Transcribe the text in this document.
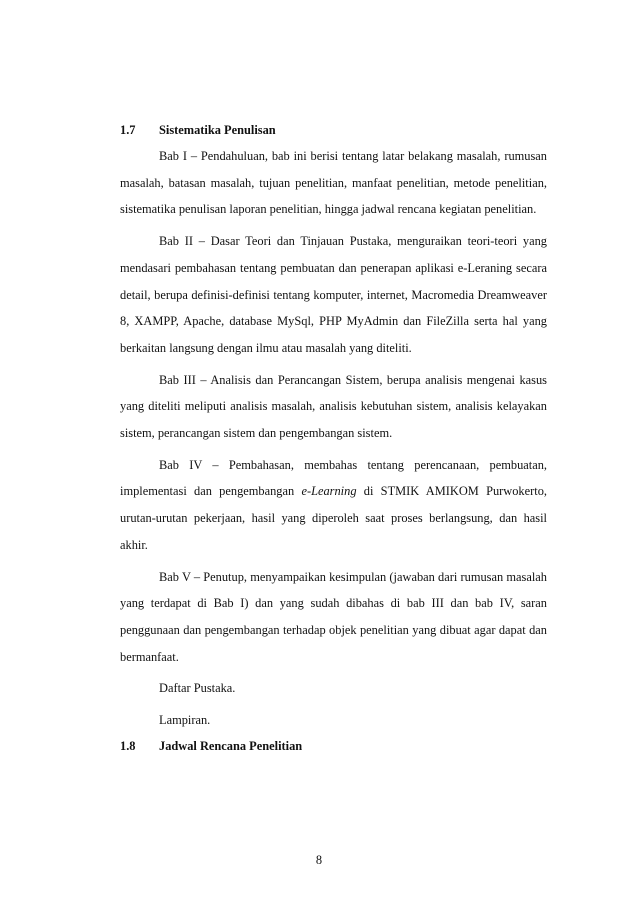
1.7	Sistematika Penulisan
Bab I – Pendahuluan, bab ini berisi tentang latar belakang masalah, rumusan masalah, batasan masalah, tujuan penelitian, manfaat penelitian, metode penelitian, sistematika penulisan laporan penelitian, hingga jadwal rencana kegiatan penelitian.
Bab II – Dasar Teori dan Tinjauan Pustaka, menguraikan teori-teori yang mendasari pembahasan tentang pembuatan dan penerapan aplikasi e-Leraning secara detail, berupa definisi-definisi tentang komputer, internet, Macromedia Dreamweaver 8, XAMPP, Apache, database MySql, PHP MyAdmin dan FileZilla serta hal yang berkaitan langsung dengan ilmu atau masalah yang diteliti.
Bab III – Analisis dan Perancangan Sistem, berupa analisis mengenai kasus yang diteliti meliputi analisis masalah, analisis kebutuhan sistem, analisis kelayakan sistem, perancangan sistem dan pengembangan sistem.
Bab IV – Pembahasan, membahas tentang perencanaan, pembuatan, implementasi dan pengembangan e-Learning di STMIK AMIKOM Purwokerto, urutan-urutan pekerjaan, hasil yang diperoleh saat proses berlangsung, dan hasil akhir.
Bab V – Penutup, menyampaikan kesimpulan (jawaban dari rumusan masalah yang terdapat di Bab I) dan yang sudah dibahas di bab III dan bab IV, saran penggunaan dan pengembangan terhadap objek penelitian yang dibuat agar dapat dan bermanfaat.
Daftar Pustaka.
Lampiran.
1.8	Jadwal Rencana Penelitian
8
